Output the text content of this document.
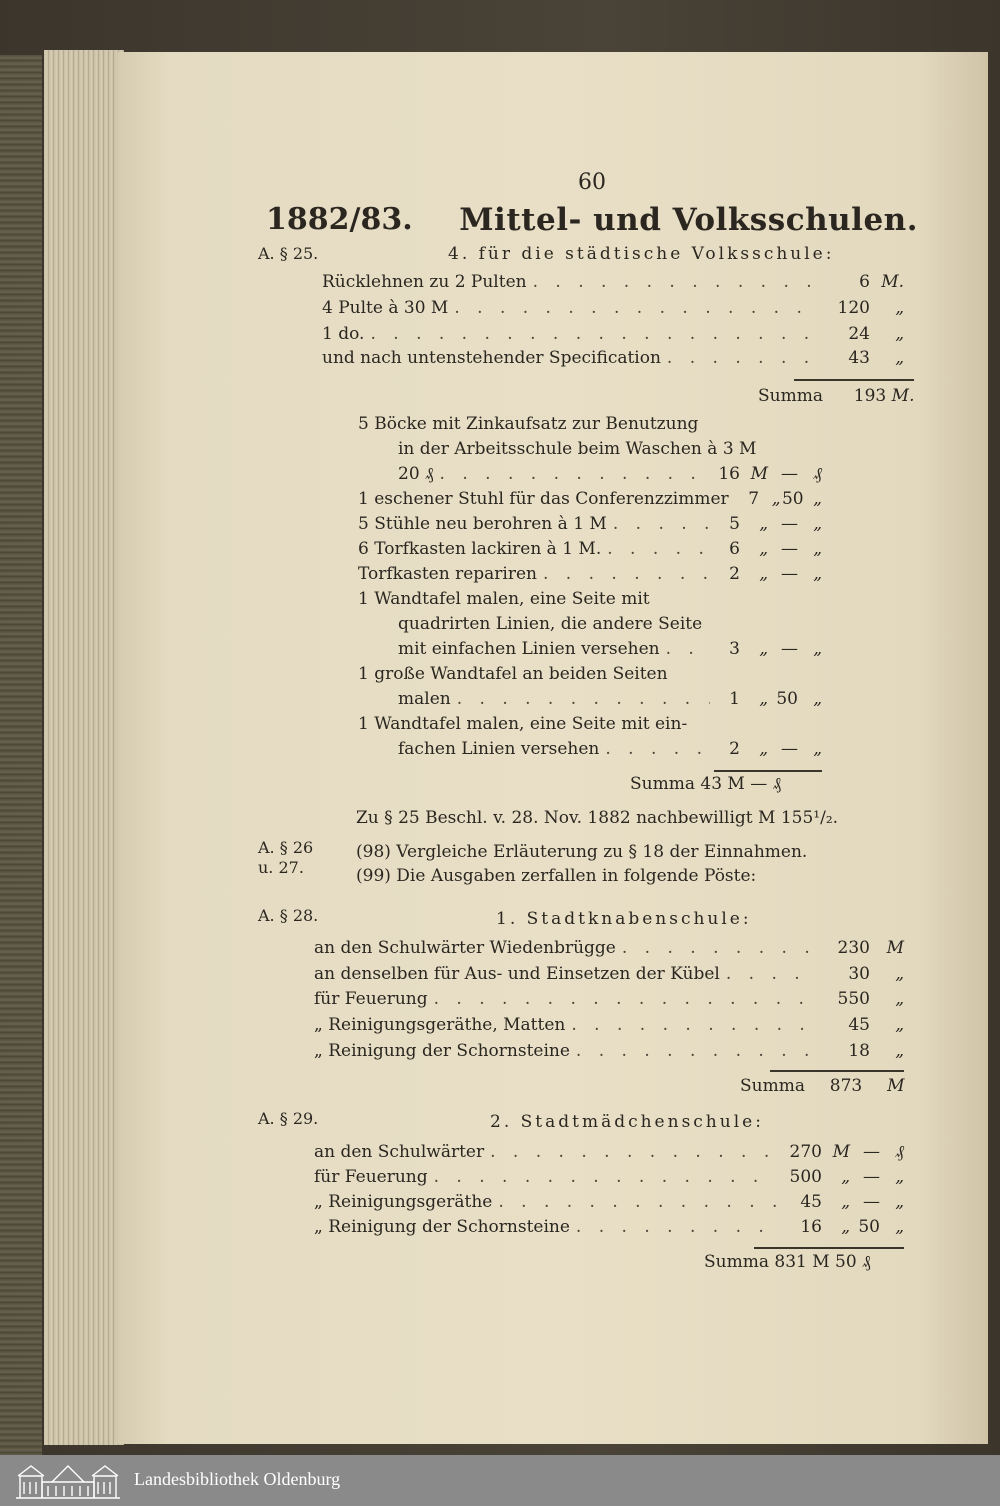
60
1882/83. Mittel- und Volksschulen.
A. § 25.	4. für die städtische Volksschule:
Rücklehnen zu 2 Pulten . . .	6 M.
4 Pulte à 30 M . . .	120	„
1 do. . . .	24	„
und nach untenstehender Specification . . .	43	„
Summa 193 M.
5 Böcke mit Zinkaufsatz zur Benutzung
in der Arbeitsschule beim Waschen à 3 M
20 ₰ . . .	16 M — ₰
1 eschener Stuhl für das Conferenzzimmer	7 „ 50 „
5 Stühle neu berohren à 1 M . . .	5	„ — „
6 Torfkasten lackiren à 1 M. . . .	6	„ — „
Torfkasten repariren . . .	2	„ — „
1 Wandtafel malen, eine Seite mit
quadrirten Linien, die andere Seite
mit einfachen Linien versehen . . .	3	„ — „
1 große Wandtafel an beiden Seiten
malen . . .	1	„ 50 „
1 Wandtafel malen, eine Seite mit ein-
fachen Linien versehen . . .	2	„ — „
Summa 43 M — ₰
Zu § 25 Beschl. v. 28. Nov. 1882 nachbewilligt M 155¹/₂.
A. § 26
u. 27.
(98) Vergleiche Erläuterung zu § 18 der Einnahmen.
(99) Die Ausgaben zerfallen in folgende Pöste:
A. § 28.	1. Stadtknabenschule:
an den Schulwärter Wiedenbrügge . . .	230 M
an denselben für Aus- und Einsetzen der Kübel . . .	30	„
für Feuerung . . .	550	„
„ Reinigungsgeräthe, Matten . . .	45	„
„ Reinigung der Schornsteine . . .	18	„
Summa 873 M
A. § 29.	2. Stadtmädchenschule:
an den Schulwärter . . .	270 M — ₰
für Feuerung . . .	500	„ — „
„ Reinigungsgeräthe . . .	45	„ — „
„ Reinigung der Schornsteine . . .	16	„ 50 „
Summa 831 M 50 ₰
Landesbibliothek Oldenburg
